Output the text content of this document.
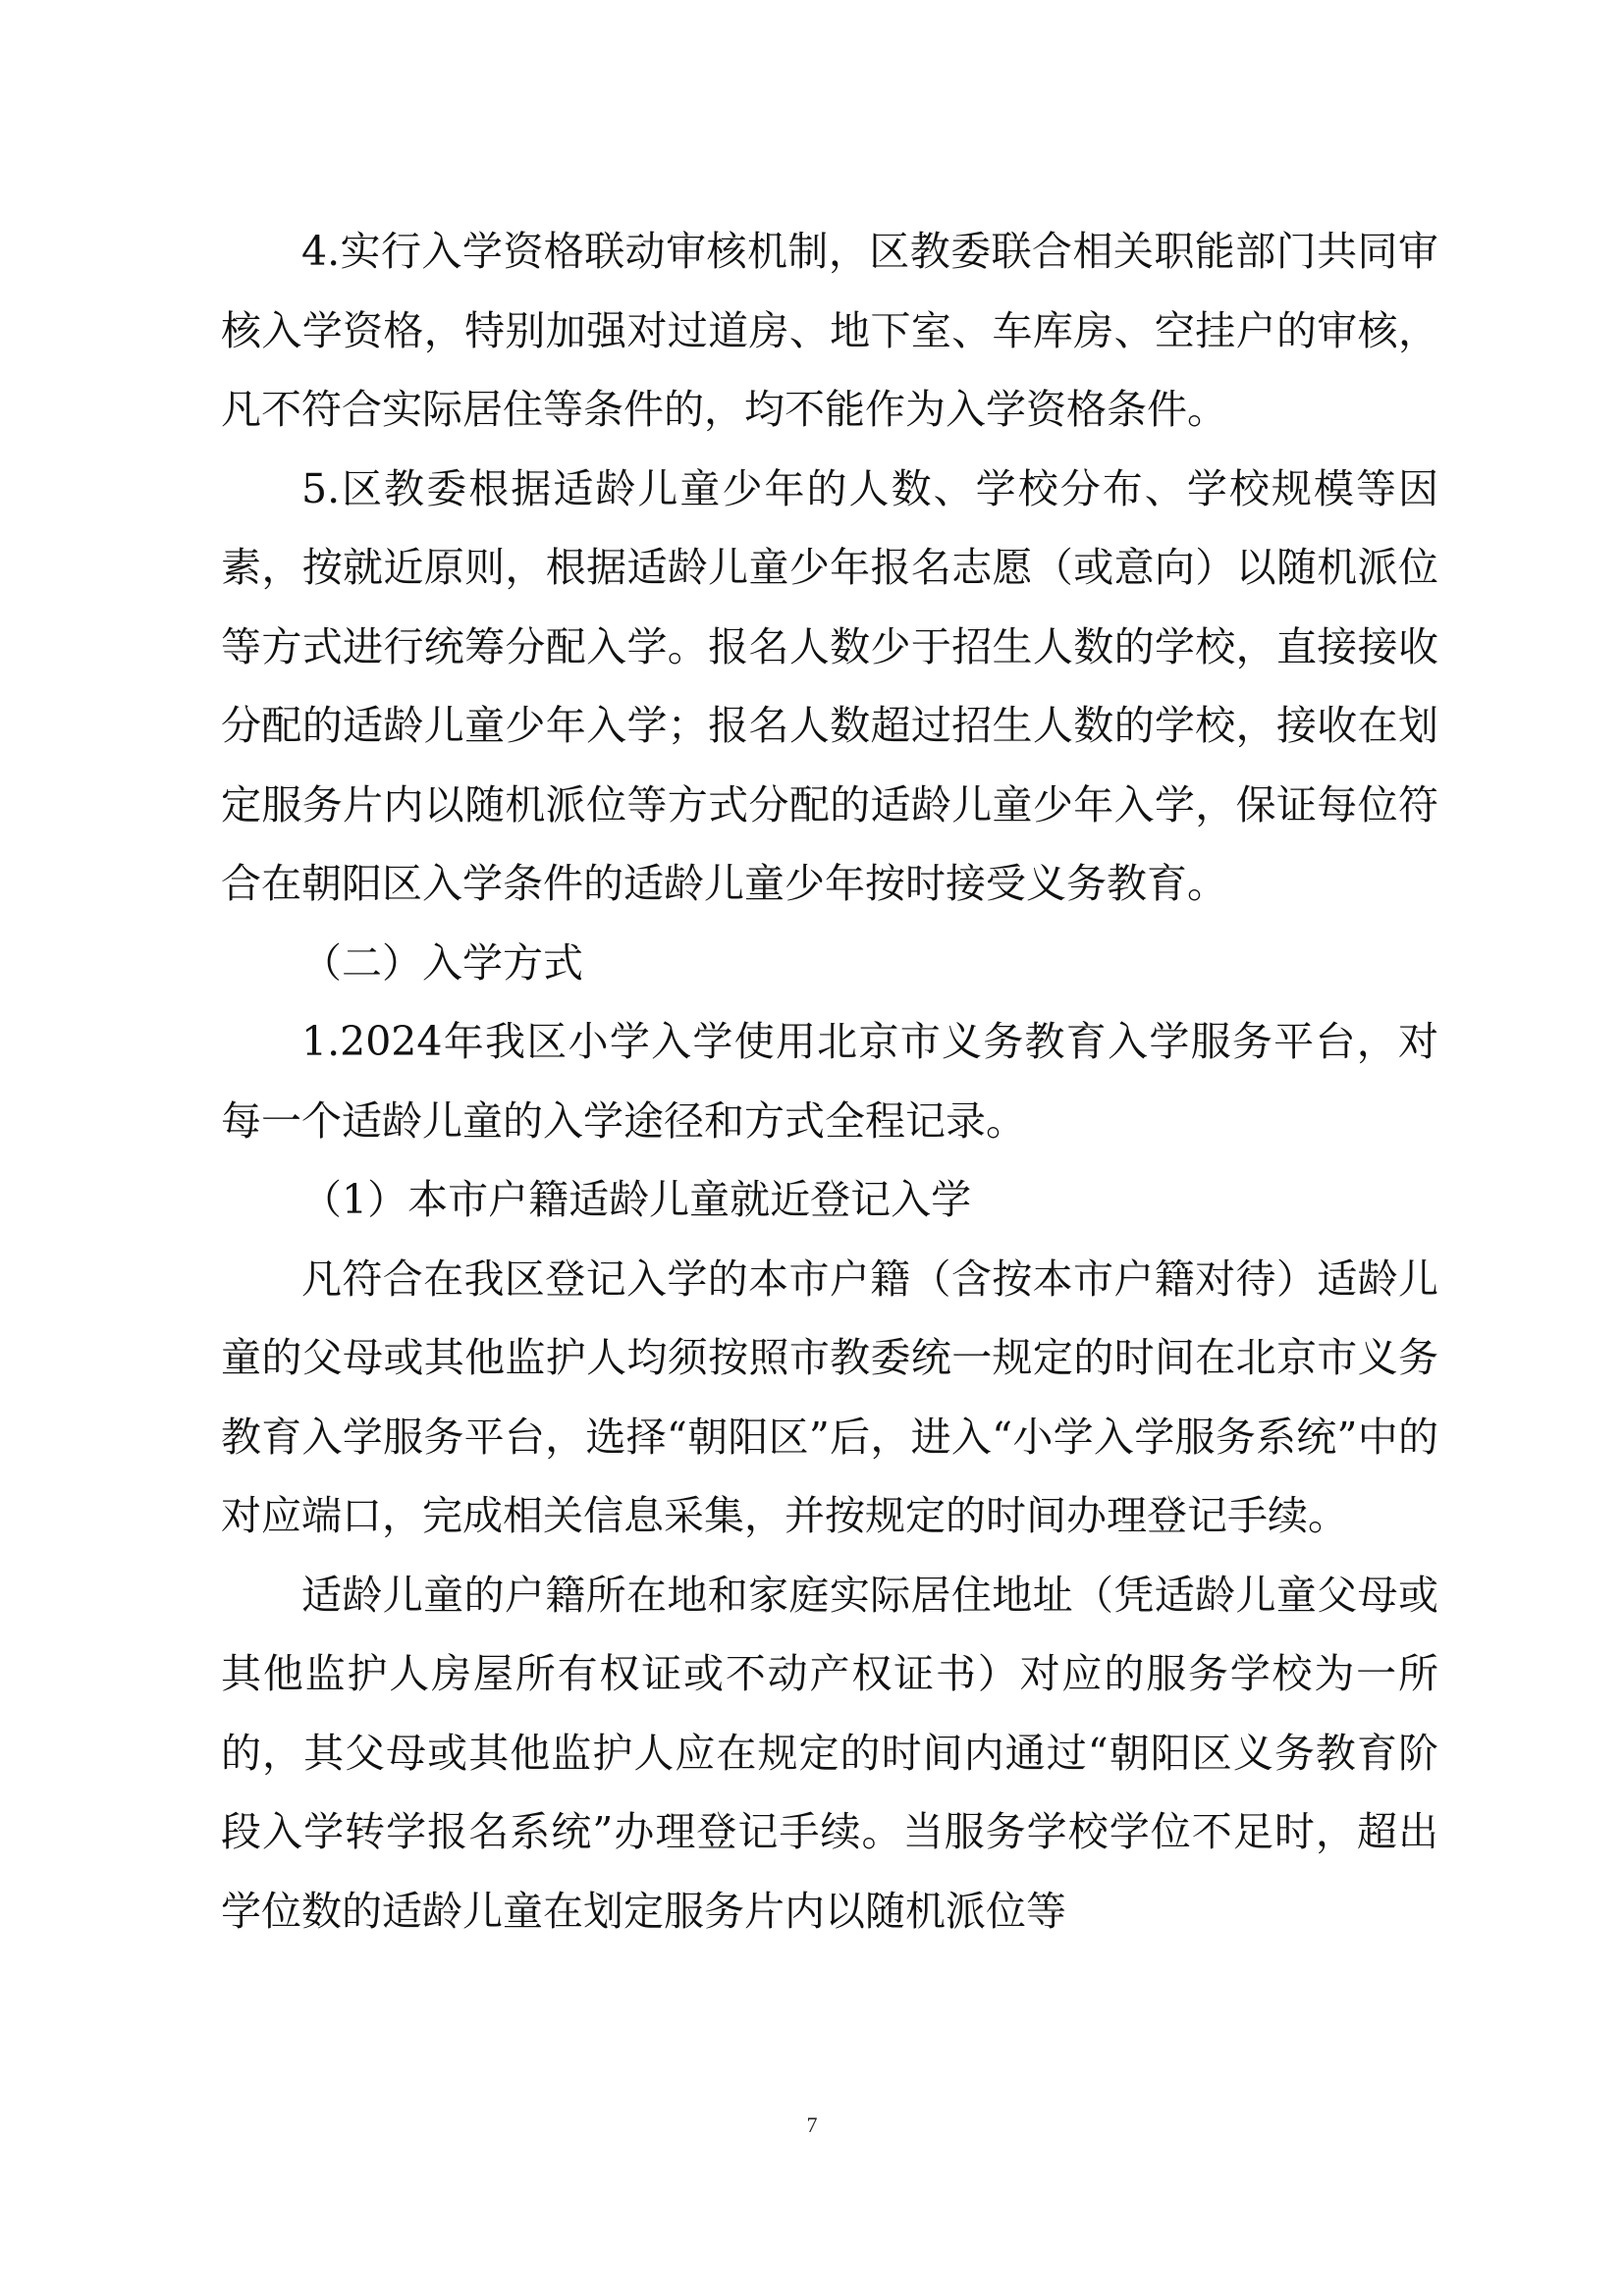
4.实行入学资格联动审核机制，区教委联合相关职能部门共同审核入学资格，特别加强对过道房、地下室、车库房、空挂户的审核，凡不符合实际居住等条件的，均不能作为入学资格条件。

5.区教委根据适龄儿童少年的人数、学校分布、学校规模等因素，按就近原则，根据适龄儿童少年报名志愿（或意向）以随机派位等方式进行统筹分配入学。报名人数少于招生人数的学校，直接接收分配的适龄儿童少年入学；报名人数超过招生人数的学校，接收在划定服务片内以随机派位等方式分配的适龄儿童少年入学，保证每位符合在朝阳区入学条件的适龄儿童少年按时接受义务教育。

（二）入学方式

1.2024年我区小学入学使用北京市义务教育入学服务平台，对每一个适龄儿童的入学途径和方式全程记录。

（1）本市户籍适龄儿童就近登记入学

凡符合在我区登记入学的本市户籍（含按本市户籍对待）适龄儿童的父母或其他监护人均须按照市教委统一规定的时间在北京市义务教育入学服务平台，选择“朝阳区”后，进入“小学入学服务系统”中的对应端口，完成相关信息采集，并按规定的时间办理登记手续。

适龄儿童的户籍所在地和家庭实际居住地址（凭适龄儿童父母或其他监护人房屋所有权证或不动产权证书）对应的服务学校为一所的，其父母或其他监护人应在规定的时间内通过“朝阳区义务教育阶段入学转学报名系统”办理登记手续。当服务学校学位不足时，超出学位数的适龄儿童在划定服务片内以随机派位等

7
